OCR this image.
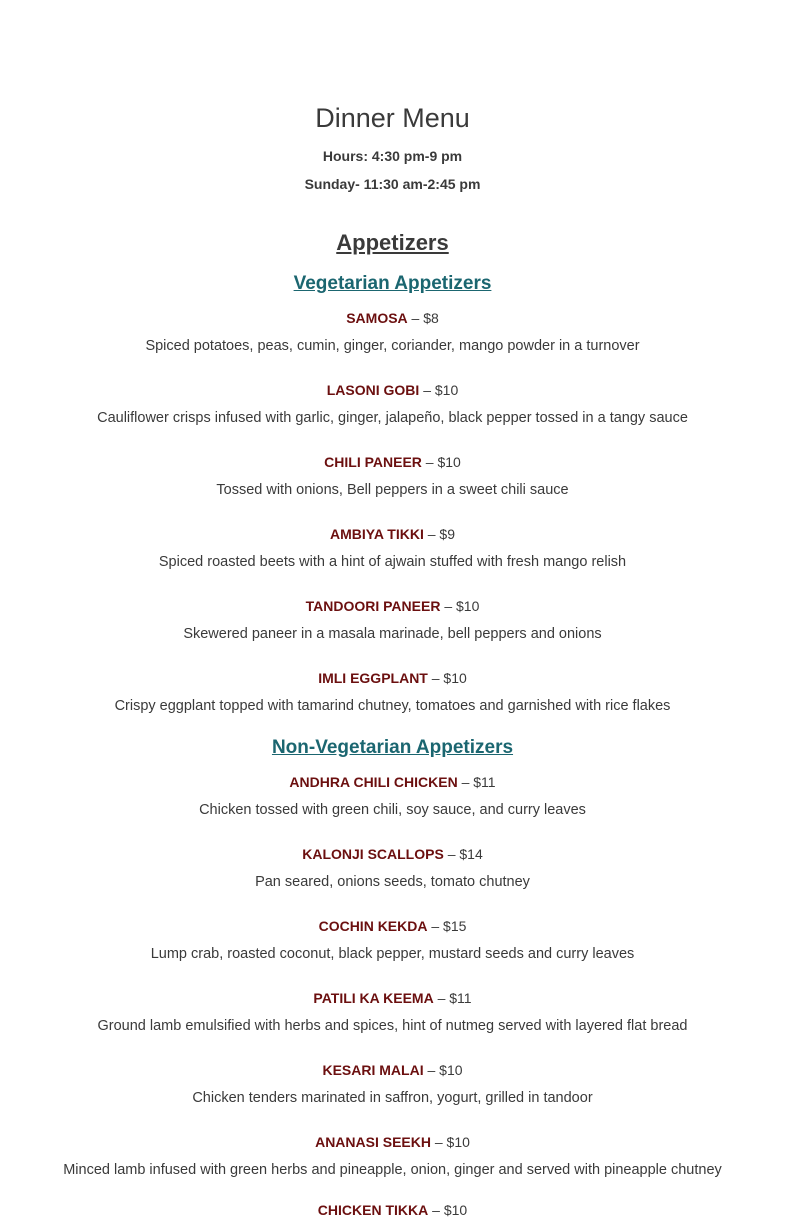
Dinner Menu

Hours: 4:30 pm-9 pm

Sunday- 11:30 am-2:45 pm

Appetizers
Vegetarian Appetizers

SAMOSA – $8

Spiced potatoes, peas, cumin, ginger, coriander, mango powder in a turnover

LASONI GOBI – $10

Cauliflower crisps infused with garlic, ginger, jalapeño, black pepper tossed in a tangy sauce

CHILI PANEER – $10

Tossed with onions, Bell peppers in a sweet chili sauce

AMBIYA TIKKI – $9

Spiced roasted beets with a hint of ajwain stuffed with fresh mango relish

TANDOORI PANEER – $10

Skewered paneer in a masala marinade, bell peppers and onions

IMLI EGGPLANT – $10

Crispy eggplant topped with tamarind chutney, tomatoes and garnished with rice flakes

Non-Vegetarian Appetizers

ANDHRA CHILI CHICKEN – $11

Chicken tossed with green chili, soy sauce, and curry leaves

KALONJI SCALLOPS – $14

Pan seared, onions seeds, tomato chutney

COCHIN KEKDA – $15

Lump crab, roasted coconut, black pepper, mustard seeds and curry leaves

PATILI KA KEEMA – $11

Ground lamb emulsified with herbs and spices, hint of nutmeg served with layered flat bread

KESARI MALAI – $10

Chicken tenders marinated in saffron, yogurt, grilled in tandoor

ANANASI SEEKH – $10

Minced lamb infused with green herbs and pineapple, onion, ginger and served with pineapple chutney

CHICKEN TIKKA – $10
